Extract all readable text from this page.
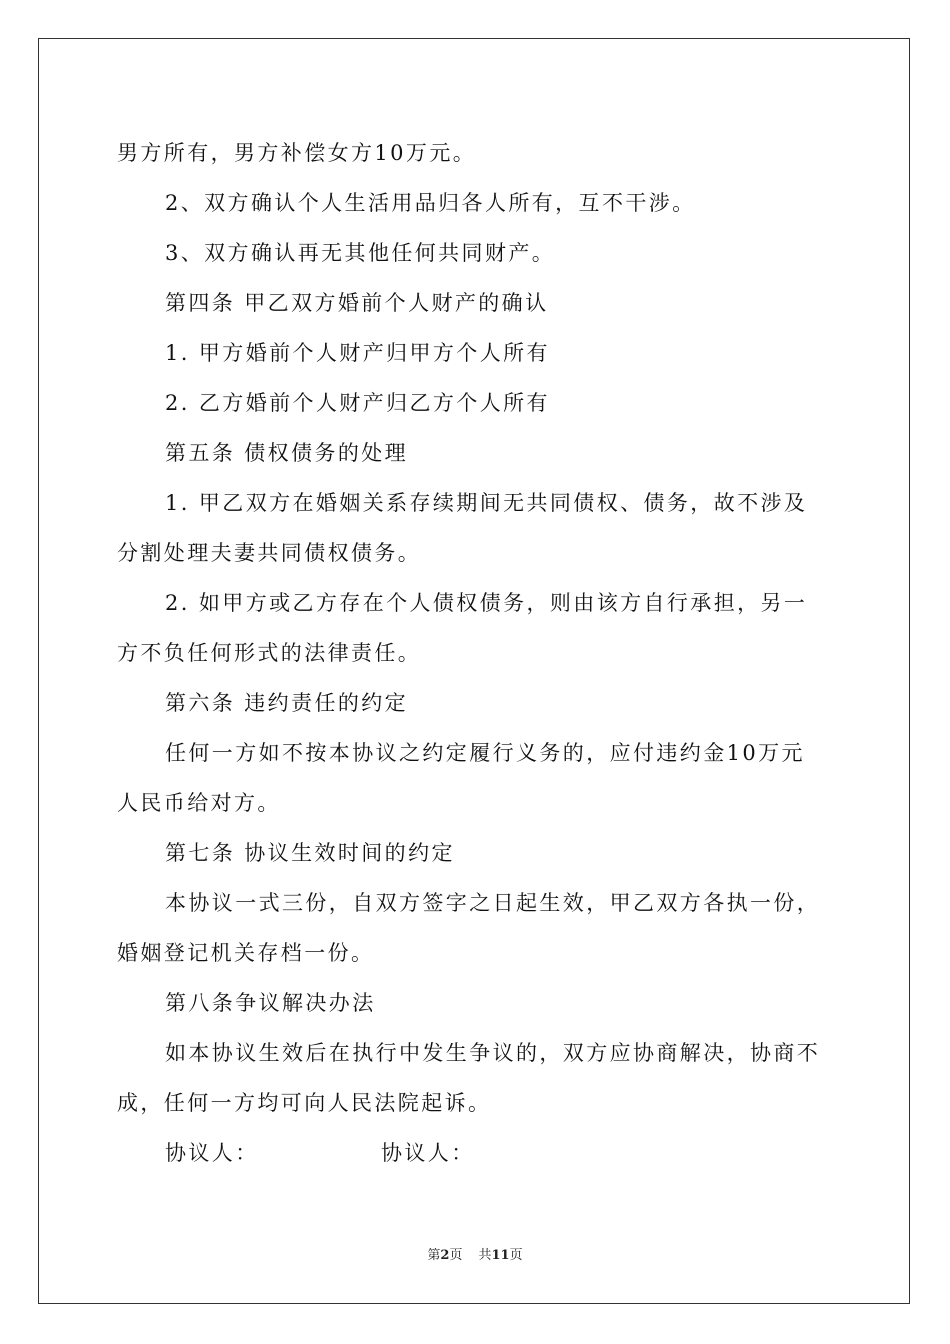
男方所有，男方补偿女方10万元。
2、双方确认个人生活用品归各人所有，互不干涉。
3、双方确认再无其他任何共同财产。
第四条 甲乙双方婚前个人财产的确认
1. 甲方婚前个人财产归甲方个人所有
2. 乙方婚前个人财产归乙方个人所有
第五条 债权债务的处理
1. 甲乙双方在婚姻关系存续期间无共同债权、债务，故不涉及
分割处理夫妻共同债权债务。
2. 如甲方或乙方存在个人债权债务，则由该方自行承担，另一
方不负任何形式的法律责任。
第六条 违约责任的约定
任何一方如不按本协议之约定履行义务的，应付违约金10万元
人民币给对方。
第七条 协议生效时间的约定
本协议一式三份，自双方签字之日起生效，甲乙双方各执一份，
婚姻登记机关存档一份。
第八条争议解决办法
如本协议生效后在执行中发生争议的，双方应协商解决，协商不
成，任何一方均可向人民法院起诉。
协议人：	协议人：
第2页 共11页
